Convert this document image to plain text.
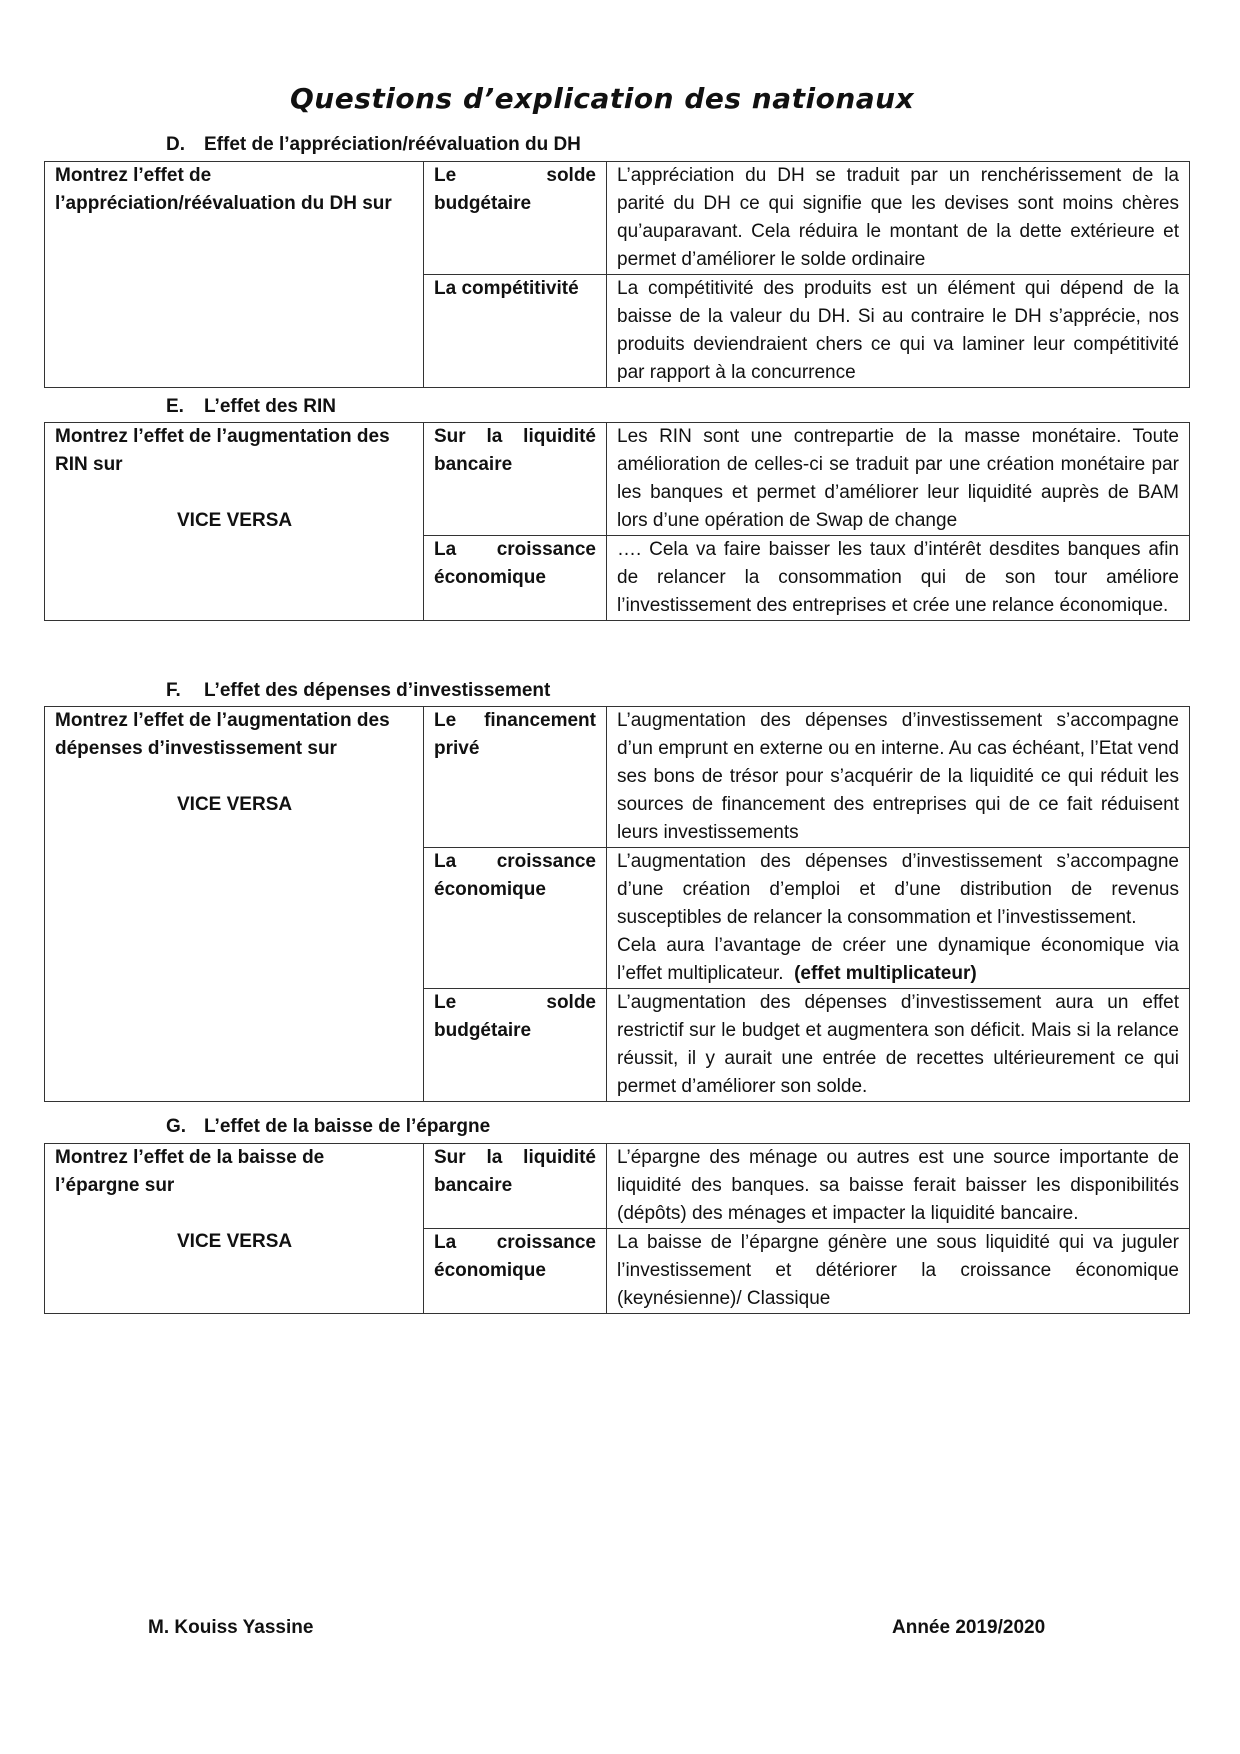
Questions d’explication des nationaux
D. Effet de l’appréciation/réévaluation du DH
Montrez l’effet de l’appréciation/réévaluation du DH sur	Le solde budgétaire	L’appréciation du DH se traduit par un renchérissement de la parité du DH ce qui signifie que les devises sont moins chères qu’auparavant. Cela réduira le montant de la dette extérieure et permet d’améliorer le solde ordinaire
	La compétitivité	La compétitivité des produits est un élément qui dépend de la baisse de la valeur du DH. Si au contraire le DH s’apprécie, nos produits deviendraient chers ce qui va laminer leur compétitivité par rapport à la concurrence
E. L’effet des RIN
Montrez l’effet de l’augmentation des RIN sur
VICE VERSA	Sur la liquidité bancaire	Les RIN sont une contrepartie de la masse monétaire. Toute amélioration de celles-ci se traduit par une création monétaire par les banques et permet d’améliorer leur liquidité auprès de BAM lors d’une opération de Swap de change
	La croissance économique	…. Cela va faire baisser les taux d’intérêt desdites banques afin de relancer la consommation qui de son tour améliore l’investissement des entreprises et crée une relance économique.
F. L’effet des dépenses d’investissement
Montrez l’effet de l’augmentation des dépenses d’investissement sur
VICE VERSA	Le financement privé	L’augmentation des dépenses d’investissement s’accompagne d’un emprunt en externe ou en interne. Au cas échéant, l’Etat vend ses bons de trésor pour s’acquérir de la liquidité ce qui réduit les sources de financement des entreprises qui de ce fait réduisent leurs investissements
	La croissance économique	L’augmentation des dépenses d’investissement s’accompagne d’une création d’emploi et d’une distribution de revenus susceptibles de relancer la consommation et l’investissement.
Cela aura l’avantage de créer une dynamique économique via l’effet multiplicateur. (effet multiplicateur)

	Le solde budgétaire	L’augmentation des dépenses d’investissement aura un effet restrictif sur le budget et augmentera son déficit. Mais si la relance réussit, il y aurait une entrée de recettes ultérieurement ce qui permet d’améliorer son solde.
G. L’effet de la baisse de l’épargne
Montrez l’effet de la baisse de l’épargne sur
VICE VERSA	Sur la liquidité bancaire	L’épargne des ménage ou autres est une source importante de liquidité des banques. sa baisse ferait baisser les disponibilités (dépôts) des ménages et impacter la liquidité bancaire.
	La croissance économique	La baisse de l’épargne génère une sous liquidité qui va juguler l’investissement et détériorer la croissance économique (keynésienne)/ Classique
M. Kouiss Yassine	Année 2019/2020
